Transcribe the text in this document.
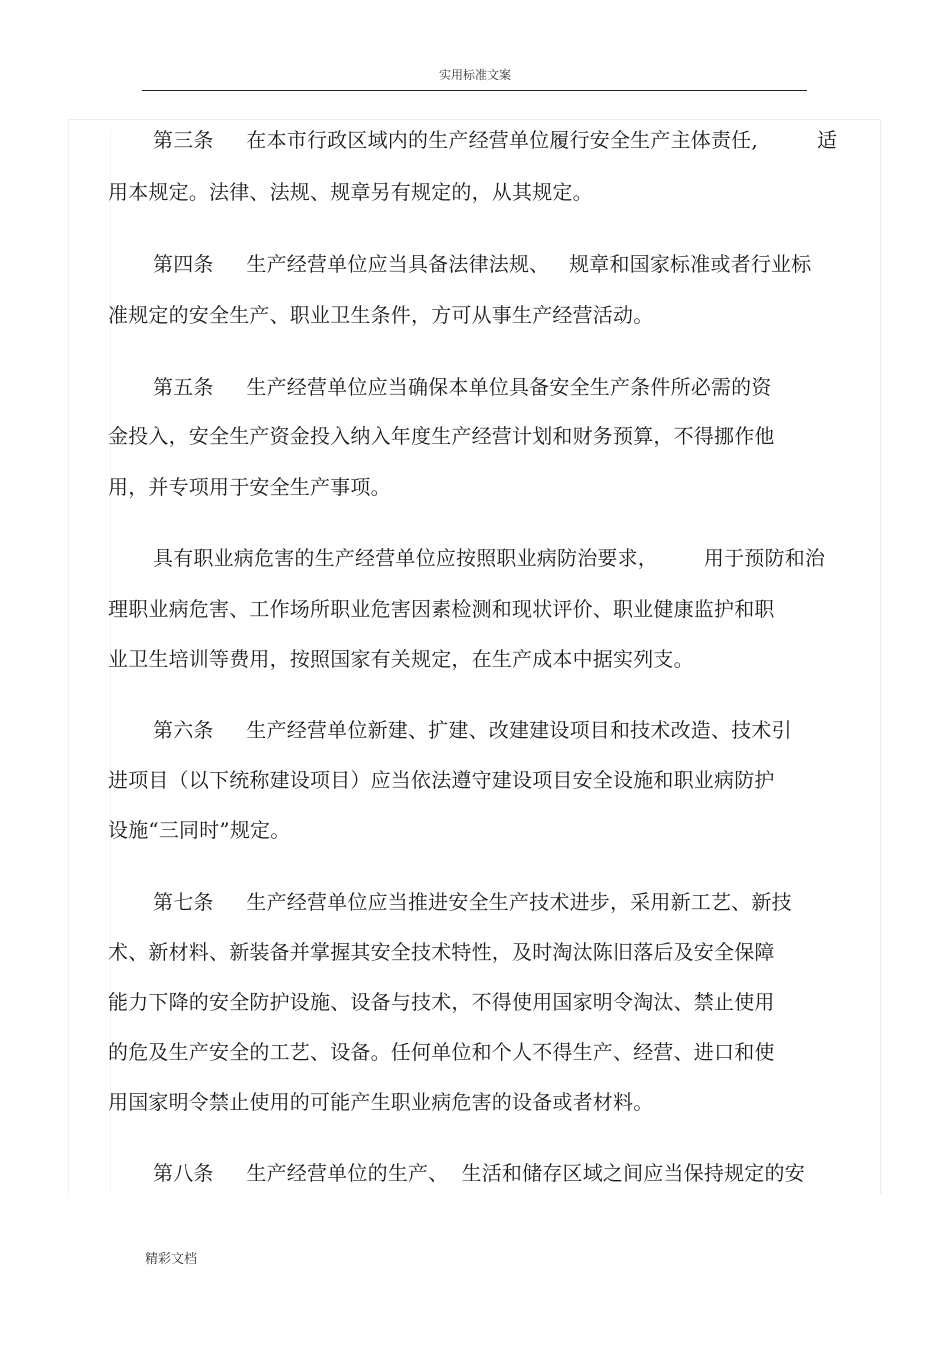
实用标准文案
第三条     在本市行政区域内的生产经营单位履行安全生产主体责任,         适
用本规定。法律、法规、规章另有规定的，从其规定。
第四条     生产经营单位应当具备法律法规、   规章和国家标准或者行业标
准规定的安全生产、职业卫生条件，方可从事生产经营活动。
第五条     生产经营单位应当确保本单位具备安全生产条件所必需的资
金投入，安全生产资金投入纳入年度生产经营计划和财务预算，不得挪作他
用，并专项用于安全生产事项。
具有职业病危害的生产经营单位应按照职业病防治要求，       用于预防和治
理职业病危害、工作场所职业危害因素检测和现状评价、职业健康监护和职
业卫生培训等费用，按照国家有关规定，在生产成本中据实列支。
第六条     生产经营单位新建、扩建、改建建设项目和技术改造、技术引
进项目（以下统称建设项目）应当依法遵守建设项目安全设施和职业病防护
设施“三同时”规定。
第七条     生产经营单位应当推进安全生产技术进步，采用新工艺、新技
术、新材料、新装备并掌握其安全技术特性，及时淘汰陈旧落后及安全保障
能力下降的安全防护设施、设备与技术，不得使用国家明令淘汰、禁止使用
的危及生产安全的工艺、设备。任何单位和个人不得生产、经营、进口和使
用国家明令禁止使用的可能产生职业病危害的设备或者材料。
第八条     生产经营单位的生产、  生活和储存区域之间应当保持规定的安
精彩文档
